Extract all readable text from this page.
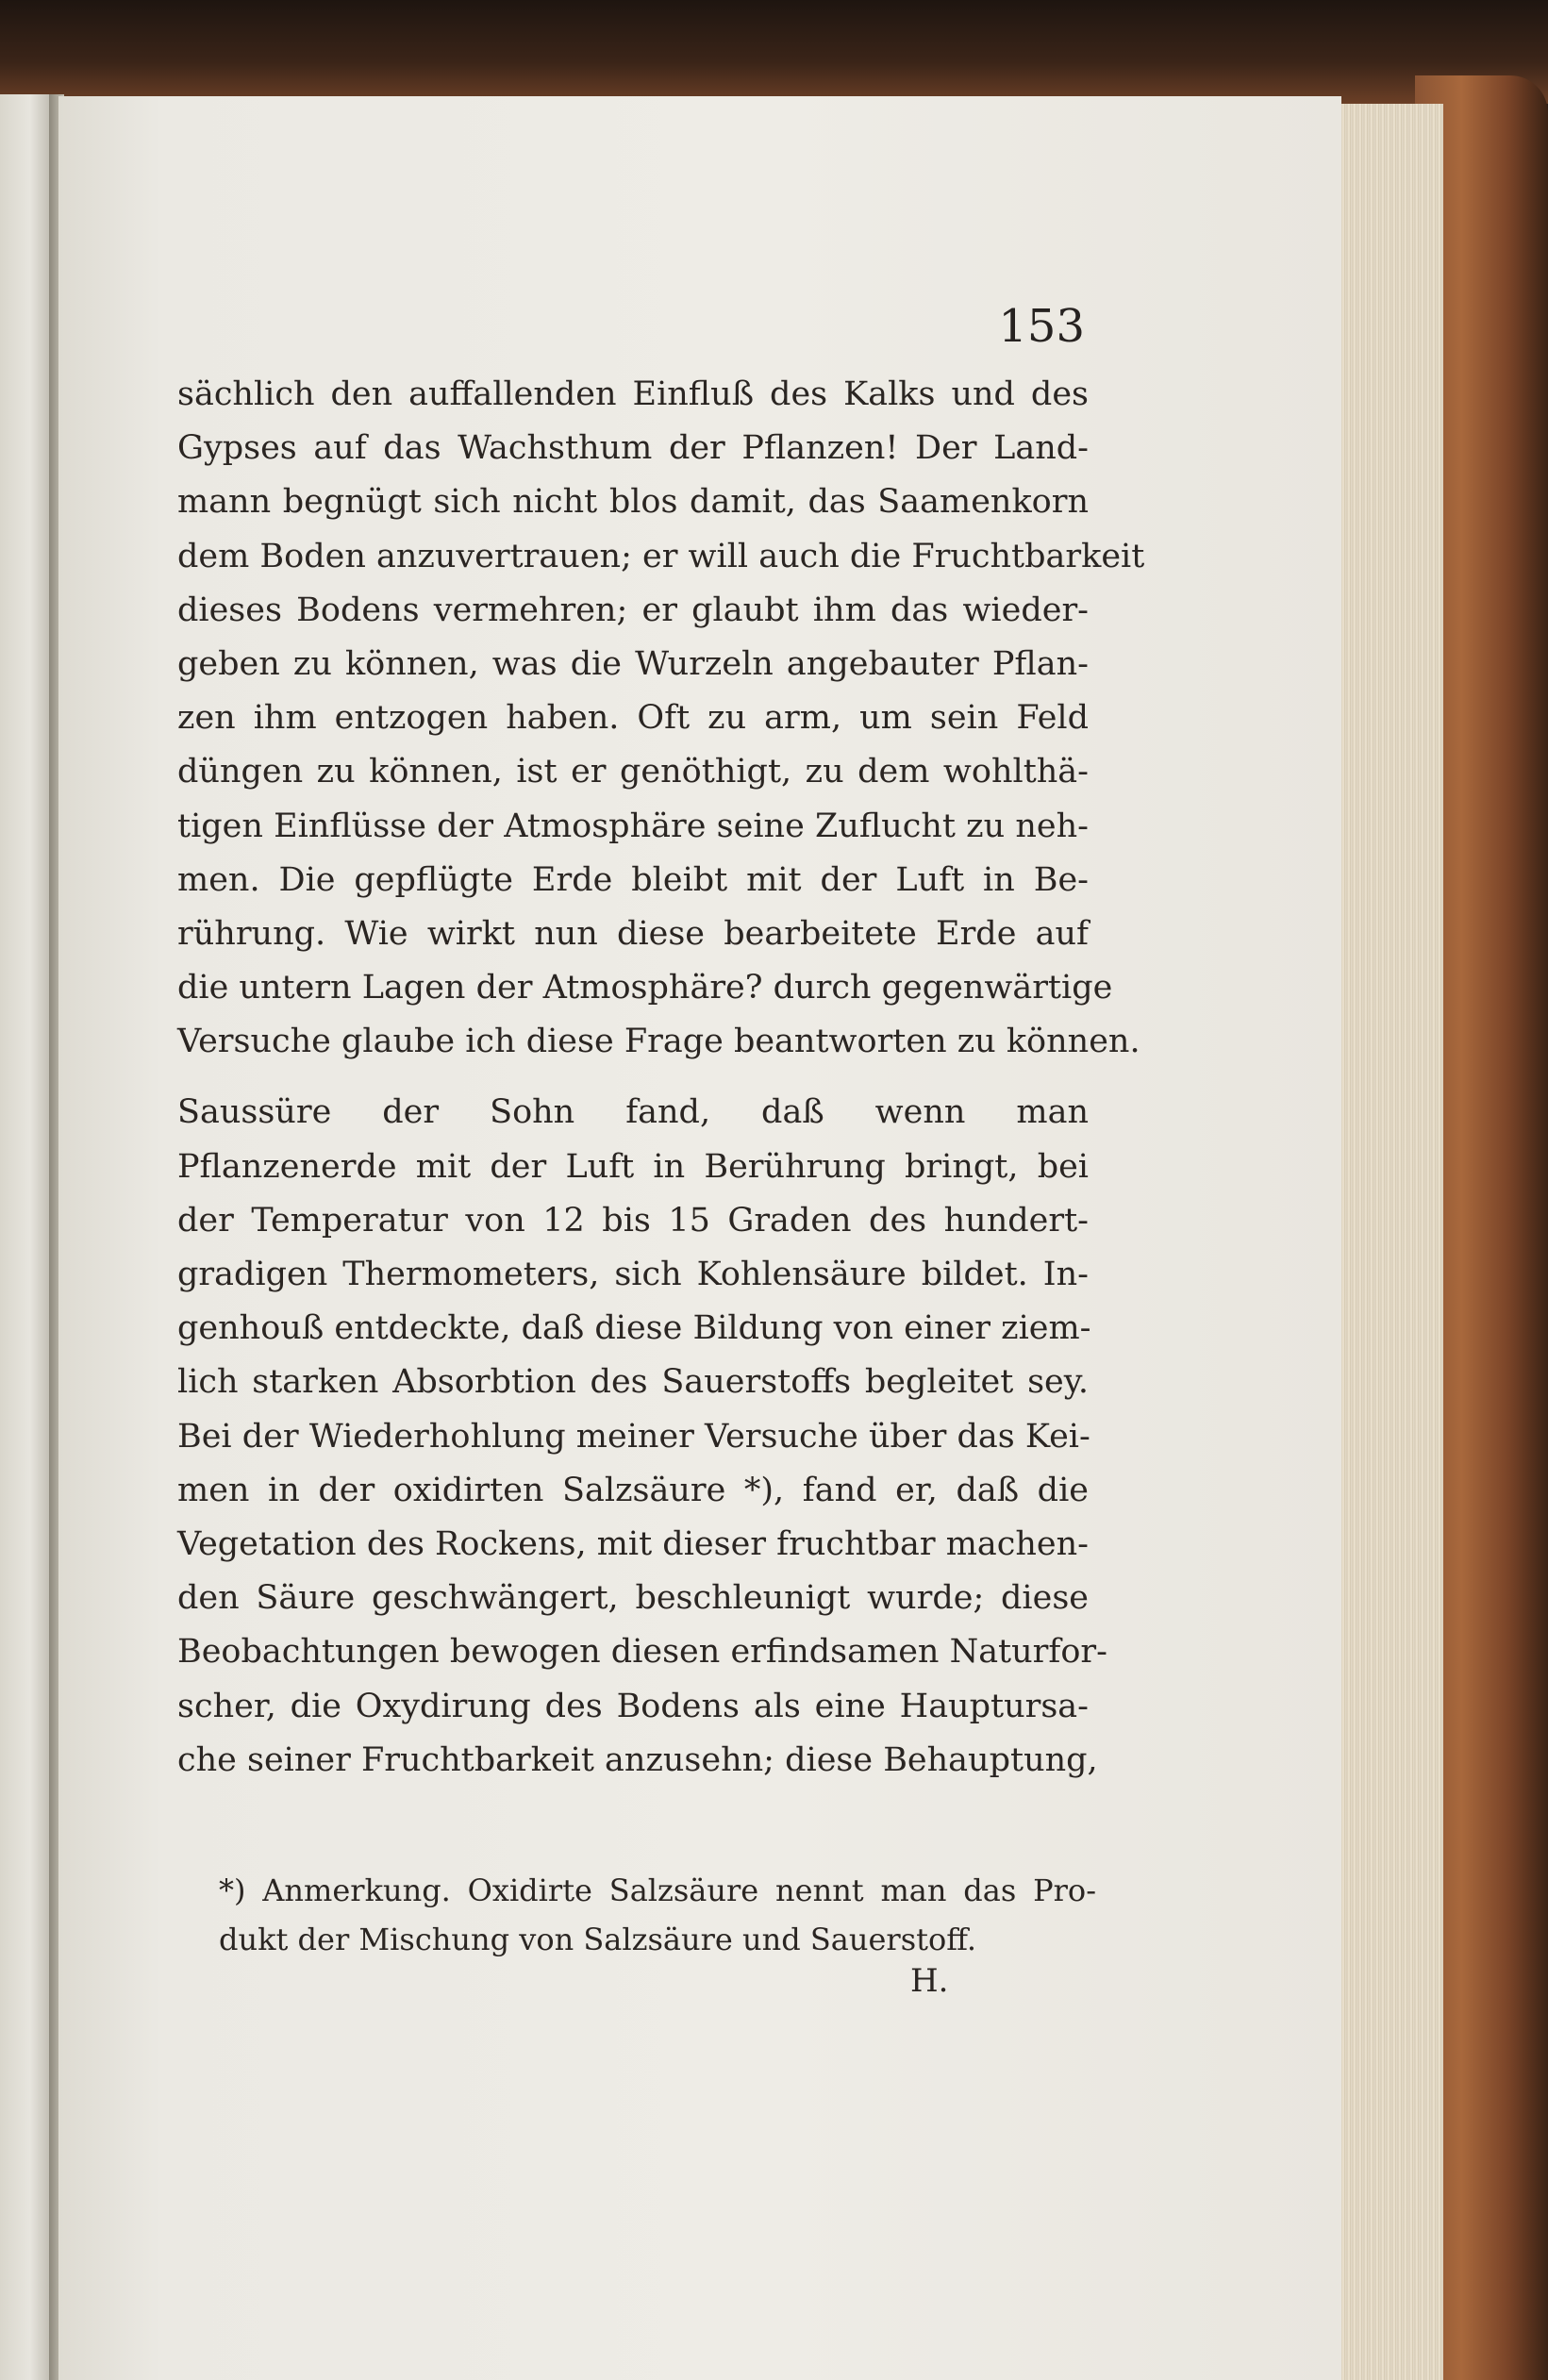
153
sächlich den auffallenden Einfluß des Kalks und des
Gypses auf das Wachsthum der Pflanzen! Der Land-
mann begnügt sich nicht blos damit, das Saamenkorn
dem Boden anzuvertrauen; er will auch die Fruchtbarkeit
dieses Bodens vermehren; er glaubt ihm das wieder-
geben zu können, was die Wurzeln angebauter Pflan-
zen ihm entzogen haben. Oft zu arm, um sein Feld
düngen zu können, ist er genöthigt, zu dem wohlthä-
tigen Einflüsse der Atmosphäre seine Zuflucht zu neh-
men. Die gepflügte Erde bleibt mit der Luft in Be-
rührung. Wie wirkt nun diese bearbeitete Erde auf
die untern Lagen der Atmosphäre? durch gegenwärtige
Versuche glaube ich diese Frage beantworten zu können.
Saussüre der Sohn fand, daß wenn man
Pflanzenerde mit der Luft in Berührung bringt, bei
der Temperatur von 12 bis 15 Graden des hundert-
gradigen Thermometers, sich Kohlensäure bildet. In-
genhouß entdeckte, daß diese Bildung von einer ziem-
lich starken Absorbtion des Sauerstoffs begleitet sey.
Bei der Wiederhohlung meiner Versuche über das Kei-
men in der oxidirten Salzsäure *), fand er, daß die
Vegetation des Rockens, mit dieser fruchtbar machen-
den Säure geschwängert, beschleunigt wurde; diese
Beobachtungen bewogen diesen erfindsamen Naturfor-
scher, die Oxydirung des Bodens als eine Hauptursa-
che seiner Fruchtbarkeit anzusehn; diese Behauptung,
*) Anmerkung. Oxidirte Salzsäure nennt man das Pro-
dukt der Mischung von Salzsäure und Sauerstoff.
H.
